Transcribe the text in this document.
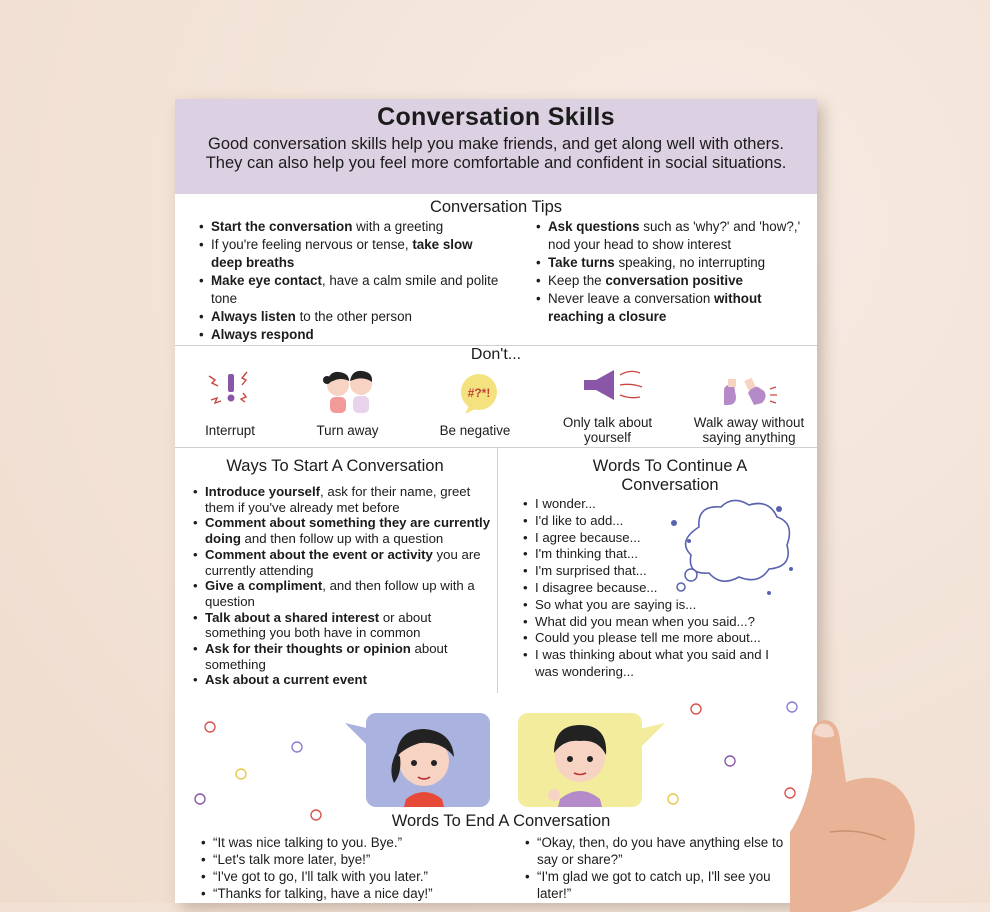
Conversation Skills
Good conversation skills help you make friends, and get along well with others. They can also help you feel more comfortable and confident in social situations.
Conversation Tips
• Start the conversation with a greeting
• If you're feeling nervous or tense, take slow deep breaths
• Make eye contact, have a calm smile and polite tone
• Always listen to the other person
• Always respond
• Ask questions such as 'why?' and 'how?,' nod your head to show interest
• Take turns speaking, no interrupting
• Keep the conversation positive
• Never leave a conversation without reaching a closure
Don't...
Interrupt	Turn away
#?*!
Be negative
Only talk about yourself
Walk away without saying anything
Ways To Start A Conversation
• Introduce yourself, ask for their name, greet them if you've already met before
• Comment about something they are currently doing and then follow up with a question
• Comment about the event or activity you are currently attending
• Give a compliment, and then follow up with a question
• Talk about a shared interest or about something you both have in common
• Ask for their thoughts or opinion about something
• Ask about a current event
Words To Continue A Conversation
• I wonder...
• I'd like to add...
• I agree because...
• I'm thinking that...
• I'm surprised that...
• I disagree because...
• So what you are saying is...
• What did you mean when you said...?
• Could you please tell me more about...
• I was thinking about what you said and I was wondering...
Words To End A Conversation
• “It was nice talking to you. Bye.”
• “Let's talk more later, bye!”
• “I've got to go, I'll talk with you later.”
• “Thanks for talking, have a nice day!”
• “Okay, then, do you have anything else to say or share?”
• “I'm glad we got to catch up, I'll see you later!”
